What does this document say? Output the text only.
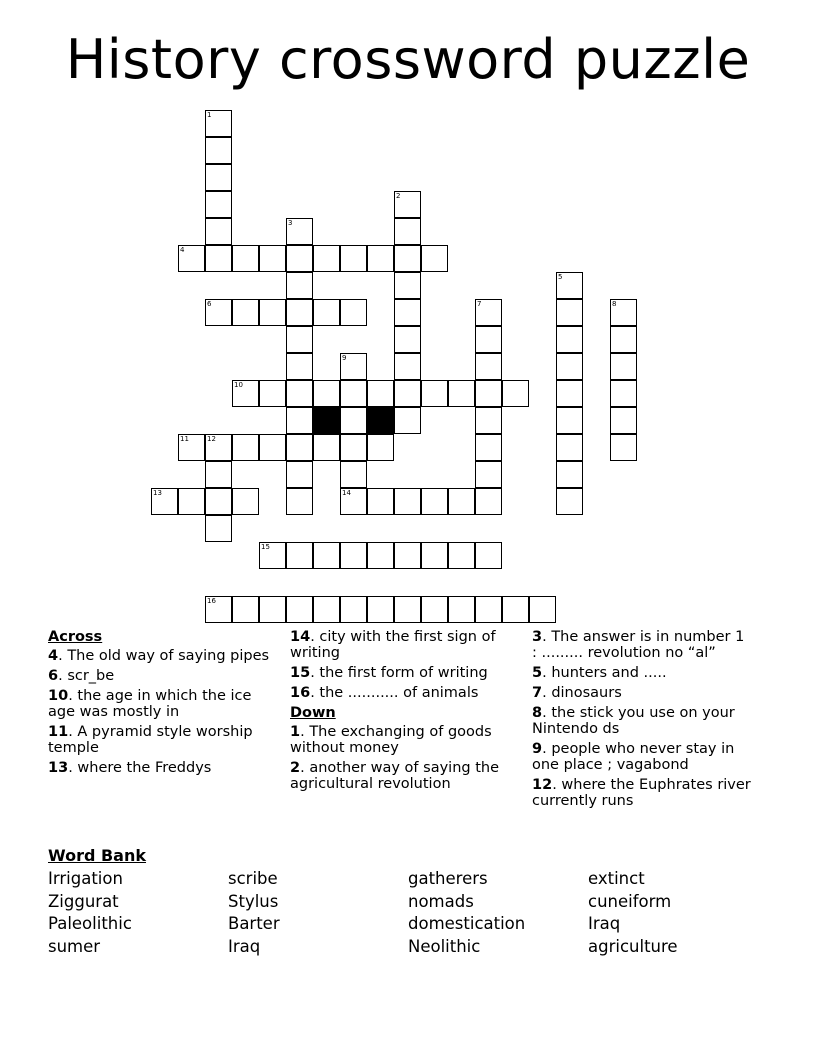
History crossword puzzle
4
6
10
11	12
13	14
15
16
1
2
3
5
7	8
9
Across
4. The old way of saying pipes
6. scr_be
10. the age in which the ice age was mostly in
11. A pyramid style worship temple
13. where the Freddys
14. city with the first sign of writing
15. the first form of writing
16. the ........... of animals
Down
1. The exchanging of goods without money
2. another way of saying the agricultural revolution
3. The answer is in number 1 : ......... revolution no “al”
5. hunters and .....
7. dinosaurs
8. the stick you use on your Nintendo ds
9. people who never stay in one place ; vagabond
12. where the Euphrates river currently runs
Word Bank
Irrigation
Ziggurat
Paleolithic
sumer
scribe
Stylus
Barter
Iraq
gatherers
nomads
domestication
Neolithic
extinct
cuneiform
Iraq
agriculture
